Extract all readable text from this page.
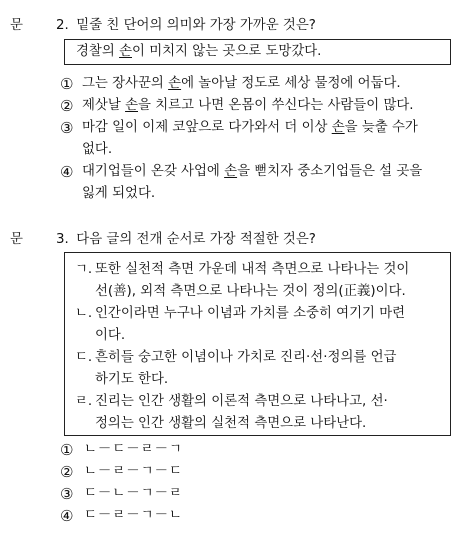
문 2. 밑줄 친 단어의 의미와 가장 가까운 것은?
경찰의 손이 미치지 않는 곳으로 도망갔다.
① 그는 장사꾼의 손에 놀아날 정도로 세상 물정에 어둡다.
② 제삿날 손을 치르고 나면 온몸이 쑤신다는 사람들이 많다.
③ 마감 일이 이제 코앞으로 다가와서 더 이상 손을 늦출 수가
없다.
④ 대기업들이 온갖 사업에 손을 뻗치자 중소기업들은 설 곳을
잃게 되었다.
문 3. 다음 글의 전개 순서로 가장 적절한 것은?
ㄱ. 또한 실천적 측면 가운데 내적 측면으로 나타나는 것이
선(善), 외적 측면으로 나타나는 것이 정의(正義)이다.
ㄴ. 인간이라면 누구나 이념과 가치를 소중히 여기기 마련
이다.
ㄷ. 흔히들 숭고한 이념이나 가치로 진리·선·정의를 언급
하기도 한다.
ㄹ. 진리는 인간 생활의 이론적 측면으로 나타나고, 선·
정의는 인간 생활의 실천적 측면으로 나타난다.
① ㄴ－ㄷ－ㄹ－ㄱ
② ㄴ－ㄹ－ㄱ－ㄷ
③ ㄷ－ㄴ－ㄱ－ㄹ
④ ㄷ－ㄹ－ㄱ－ㄴ
